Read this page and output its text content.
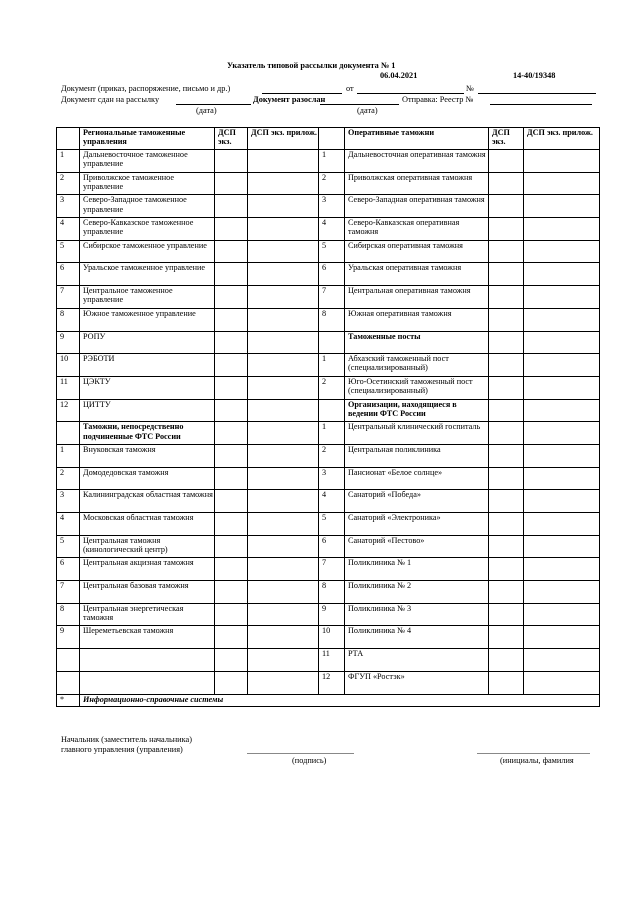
Указатель типовой рассылки документа № 1
06.04.2021	14-40/19348
Документ (приказ, распоряжение, письмо и др.)	от	№
Документ сдан на рассылку	Документ разослан	Отправка: Реестр №
(дата)	(дата)
	Региональные таможенные управления	ДСП экз.	ДСП экз. прилож.		Оперативные таможни	ДСП экз.	ДСП экз. прилож.
1	Дальневосточное таможенное управление			1	Дальневосточная оперативная таможня		
2	Приволжское таможенное управление			2	Приволжская оперативная таможня		
3	Северо-Западное таможенное управление			3	Северо-Западная оперативная таможня		
4	Северо-Кавказское таможенное управление			4	Северо-Кавказская оперативная таможня		
5	Сибирское таможенное управление			5	Сибирская оперативная таможня		
6	Уральское таможенное управление			6	Уральская оперативная таможня		
7	Центральное таможенное управление			7	Центральная оперативная таможня		
8	Южное таможенное управление			8	Южная оперативная таможня		
9	РОПУ				Таможенные посты		
10	РЭБОТИ			1	Абхазский таможенный пост (специализированный)		
11	ЦЭКТУ			2	Юго-Осетинский таможенный пост (специализированный)		
12	ЦИТТУ				Организации, находящиеся в ведении ФТС России		
	Таможни, непосредственно подчиненные ФТС России			1	Центральный клинический госпиталь		
1	Внуковская таможня			2	Центральная поликлиника		
2	Домодедовская таможня			3	Пансионат «Белое солнце»		
3	Калининградская областная таможня			4	Санаторий «Победа»		
4	Московская областная таможня			5	Санаторий «Электроника»		
5	Центральная таможня (кинологический центр)			6	Санаторий «Пестово»		
6	Центральная акцизная таможня			7	Поликлиника № 1		
7	Центральная базовая таможня			8	Поликлиника № 2		
8	Центральная энергетическая таможня			9	Поликлиника № 3		
9	Шереметьевская таможня			10	Поликлиника № 4		
				11	РТА		
				12	ФГУП «Ростэк»		
*	Информационно-справочные системы						
Начальник (заместитель начальника)
главного управления (управления)
(подпись)	(инициалы, фамилия
